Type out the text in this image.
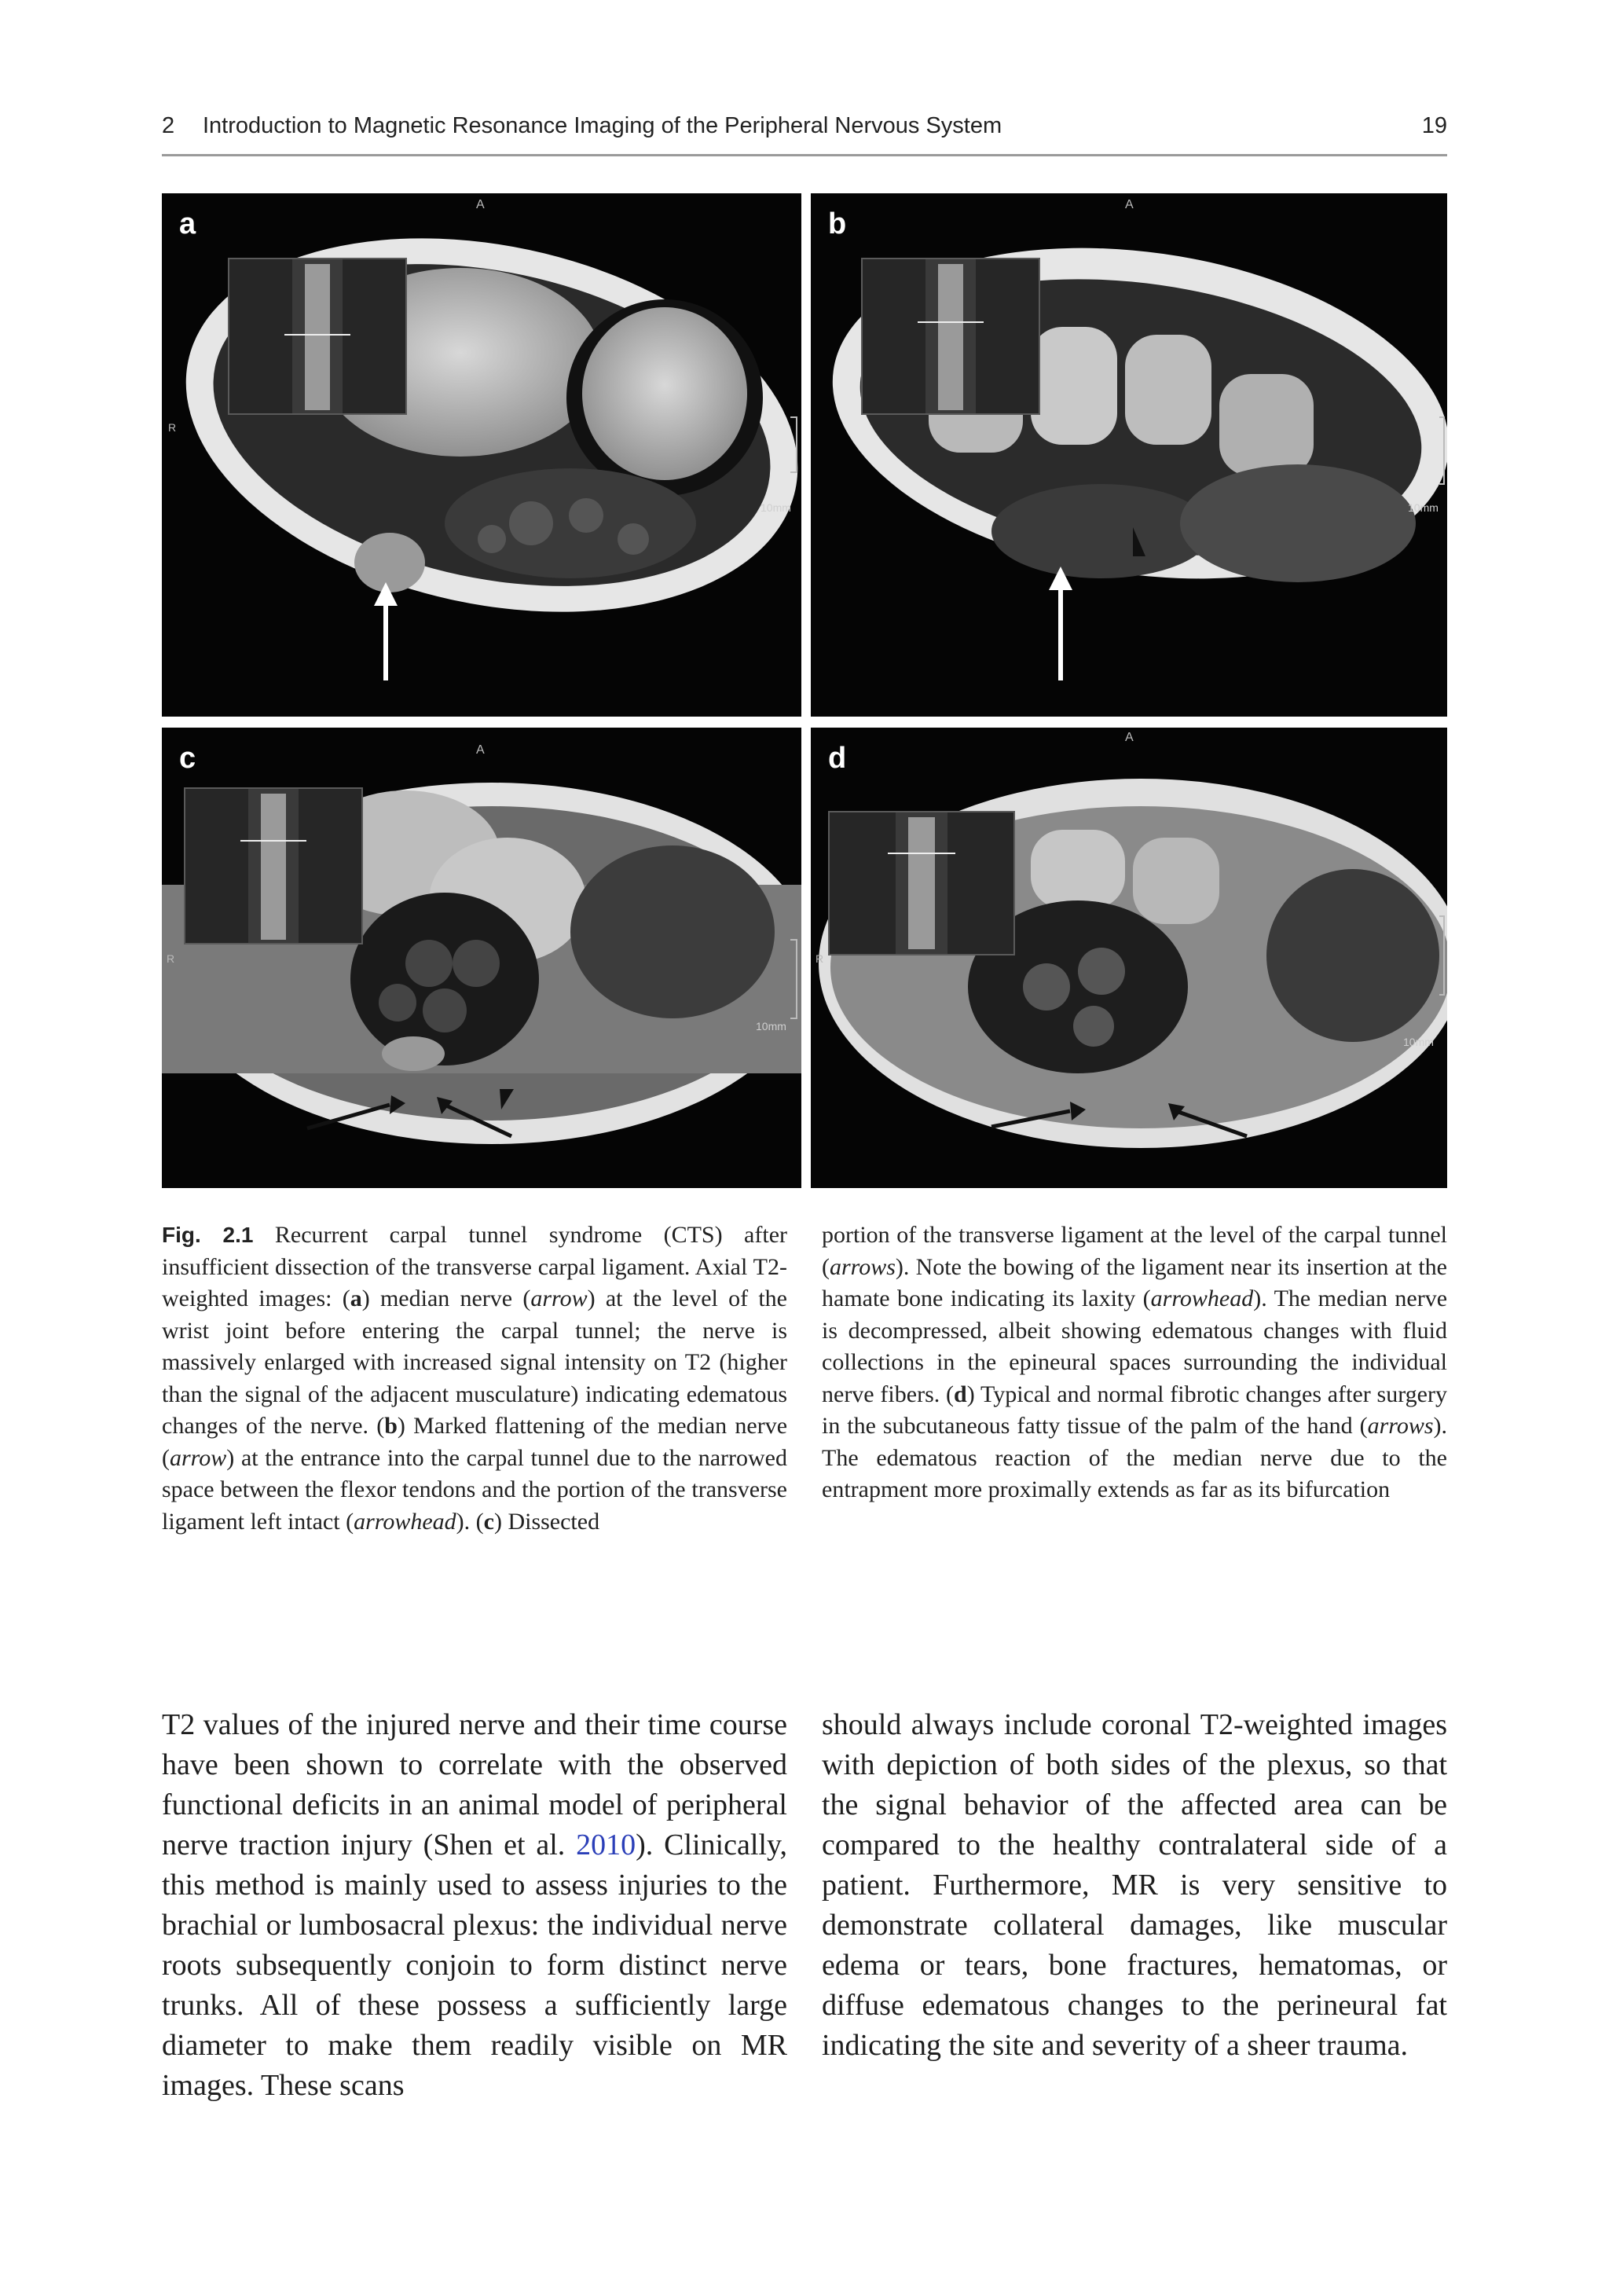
2 Introduction to Magnetic Resonance Imaging of the Peripheral Nervous System	19
a
A
R
10mm
b
A
10mm
c	A
R
10mm
d
A
R
10mm
Fig. 2.1 Recurrent carpal tunnel syndrome (CTS) after insufficient dissection of the transverse carpal ligament. Axial T2-weighted images: (a) median nerve (arrow) at the level of the wrist joint before entering the carpal tunnel; the nerve is massively enlarged with increased signal intensity on T2 (higher than the signal of the adjacent musculature) indicating edematous changes of the nerve. (b) Marked flattening of the median nerve (arrow) at the entrance into the carpal tunnel due to the narrowed space between the flexor tendons and the portion of the transverse ligament left intact (arrowhead). (c) Dissected
portion of the transverse ligament at the level of the carpal tunnel (arrows). Note the bowing of the ligament near its insertion at the hamate bone indicating its laxity (arrowhead). The median nerve is decompressed, albeit showing edematous changes with fluid collections in the epineural spaces surrounding the individual nerve fibers. (d) Typical and normal fibrotic changes after surgery in the subcutaneous fatty tissue of the palm of the hand (arrows). The edematous reaction of the median nerve due to the entrapment more proximally extends as far as its bifurcation
T2 values of the injured nerve and their time course have been shown to correlate with the observed functional deficits in an animal model of peripheral nerve traction injury (Shen et al. 2010). Clinically, this method is mainly used to assess injuries to the brachial or lumbosacral plexus: the individual nerve roots subsequently conjoin to form distinct nerve trunks. All of these possess a sufficiently large diameter to make them readily visible on MR images. These scans
should always include coronal T2-weighted images with depiction of both sides of the plexus, so that the signal behavior of the affected area can be compared to the healthy contralateral side of a patient. Furthermore, MR is very sensitive to demonstrate collateral damages, like muscular edema or tears, bone fractures, hematomas, or diffuse edematous changes to the perineural fat indicating the site and severity of a sheer trauma.
